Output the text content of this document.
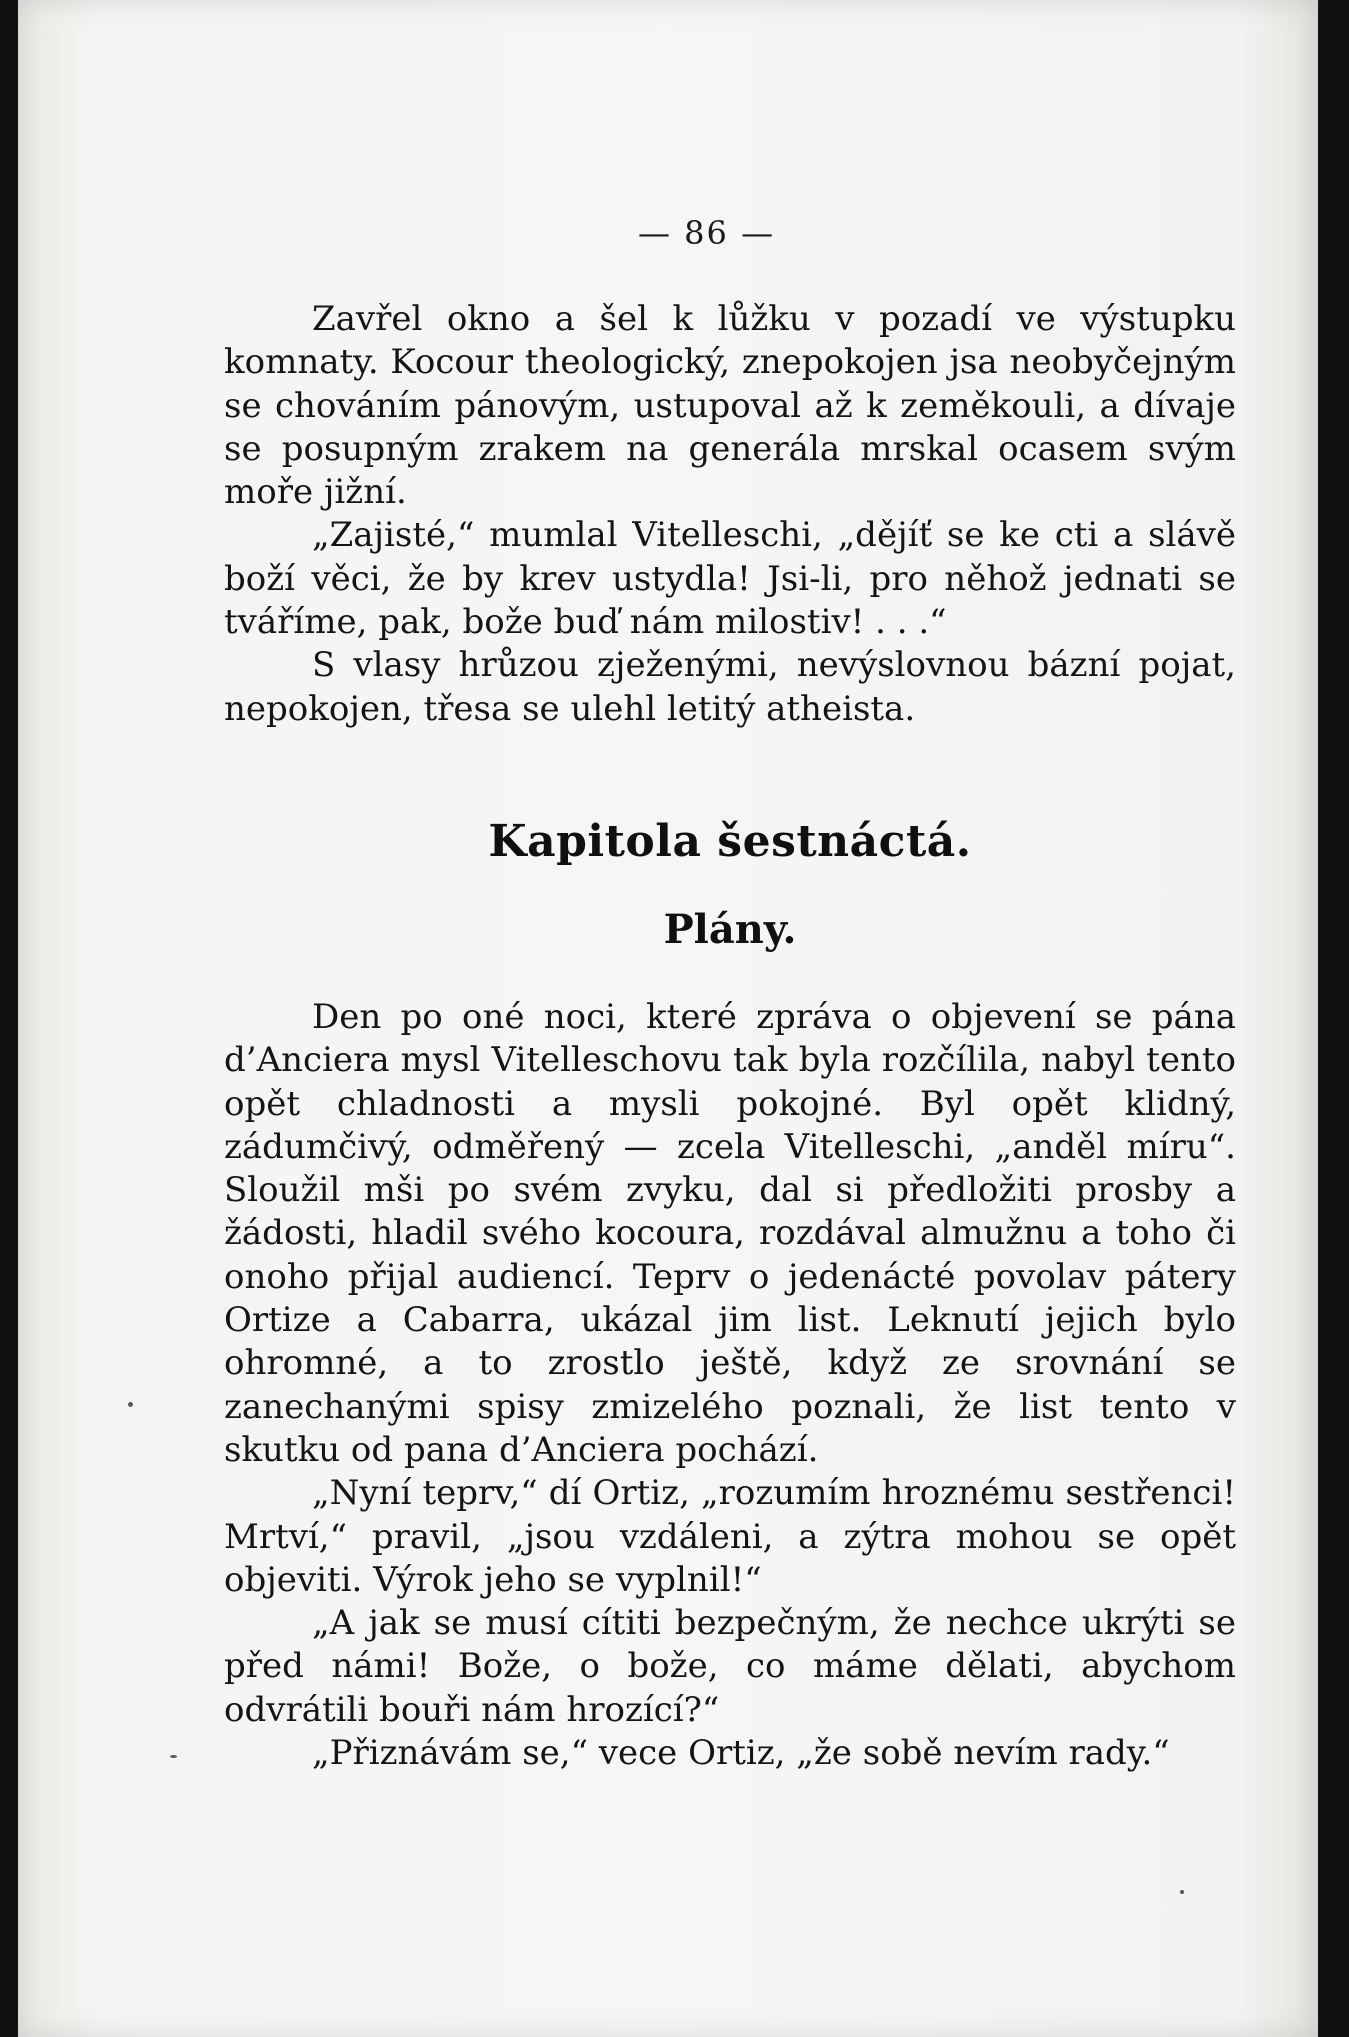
— 86 —

Zavřel okno a šel k lůžku v pozadí ve výstupku komnaty. Kocour theologický, znepokojen jsa neobyčejným se chováním pánovým, ustupoval až k zeměkouli, a dívaje se posupným zrakem na generála mrskal ocasem svým moře jižní.

„Zajisté,“ mumlal Vitelleschi, „dějíť se ke cti a slávě boží věci, že by krev ustydla! Jsi-li, pro něhož jednati se tváříme, pak, bože buď nám milostiv! . . .“

S vlasy hrůzou zježenými, nevýslovnou bázní pojat, nepokojen, třesa se ulehl letitý atheista.

Kapitola šestnáctá.
Plány.

Den po oné noci, které zpráva o objevení se pána d’Anciera mysl Vitelleschovu tak byla rozčílila, nabyl tento opět chladnosti a mysli pokojné. Byl opět klidný, zádumčivý, odměřený — zcela Vitelleschi, „anděl míru“. Sloužil mši po svém zvyku, dal si předložiti prosby a žádosti, hladil svého kocoura, rozdával almužnu a toho či onoho přijal audiencí. Teprv o jedenácté povolav pátery Ortize a Cabarra, ukázal jim list. Leknutí jejich bylo ohromné, a to zrostlo ještě, když ze srovnání se zanechanými spisy zmizelého poznali, že list tento v skutku od pana d’Anciera pochází.

„Nyní teprv,“ dí Ortiz, „rozumím hroznému sestřenci! Mrtví,“ pravil, „jsou vzdáleni, a zýtra mohou se opět objeviti. Výrok jeho se vyplnil!“

„A jak se musí cítiti bezpečným, že nechce ukrýti se před námi! Bože, o bože, co máme dělati, abychom odvrátili bouři nám hrozící?“

„Přiznávám se,“ vece Ortiz, „že sobě nevím rady.“
